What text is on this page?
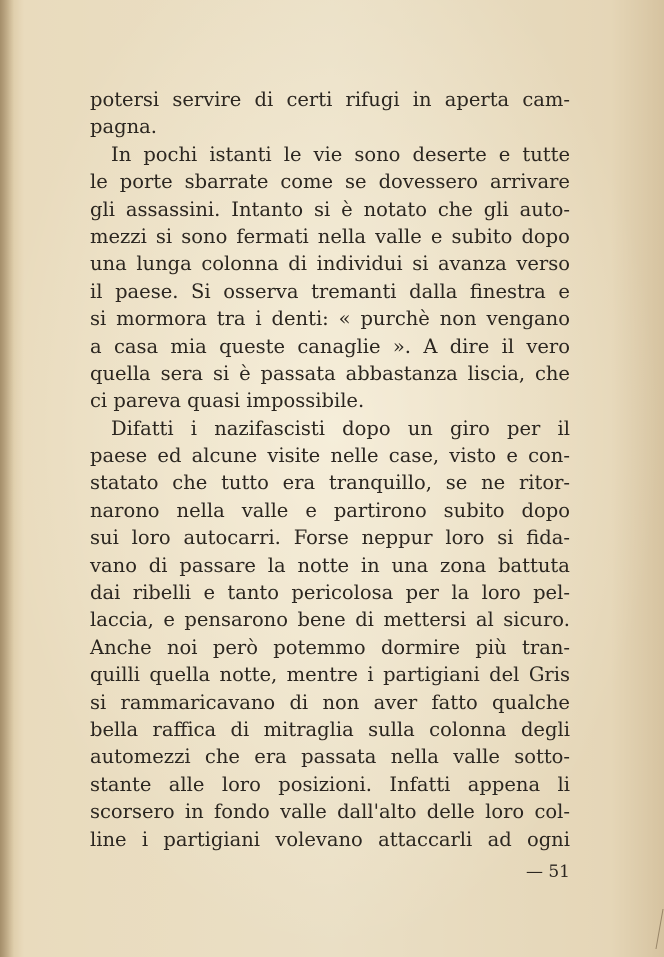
potersi servire di certi rifugi in aperta cam-
pagna.
In pochi istanti le vie sono deserte e tutte
le porte sbarrate come se dovessero arrivare
gli assassini. Intanto si è notato che gli auto-
mezzi si sono fermati nella valle e subito dopo
una lunga colonna di individui si avanza verso
il paese. Si osserva tremanti dalla finestra e
si mormora tra i denti: « purchè non vengano
a casa mia queste canaglie ». A dire il vero
quella sera si è passata abbastanza liscia, che
ci pareva quasi impossibile.
Difatti i nazifascisti dopo un giro per il
paese ed alcune visite nelle case, visto e con-
statato che tutto era tranquillo, se ne ritor-
narono nella valle e partirono subito dopo
sui loro autocarri. Forse neppur loro si fida-
vano di passare la notte in una zona battuta
dai ribelli e tanto pericolosa per la loro pel-
laccia, e pensarono bene di mettersi al sicuro.
Anche noi però potemmo dormire più tran-
quilli quella notte, mentre i partigiani del Gris
si rammaricavano di non aver fatto qualche
bella raffica di mitraglia sulla colonna degli
automezzi che era passata nella valle sotto-
stante alle loro posizioni. Infatti appena li
scorsero in fondo valle dall'alto delle loro col-
line i partigiani volevano attaccarli ad ogni
— 51
